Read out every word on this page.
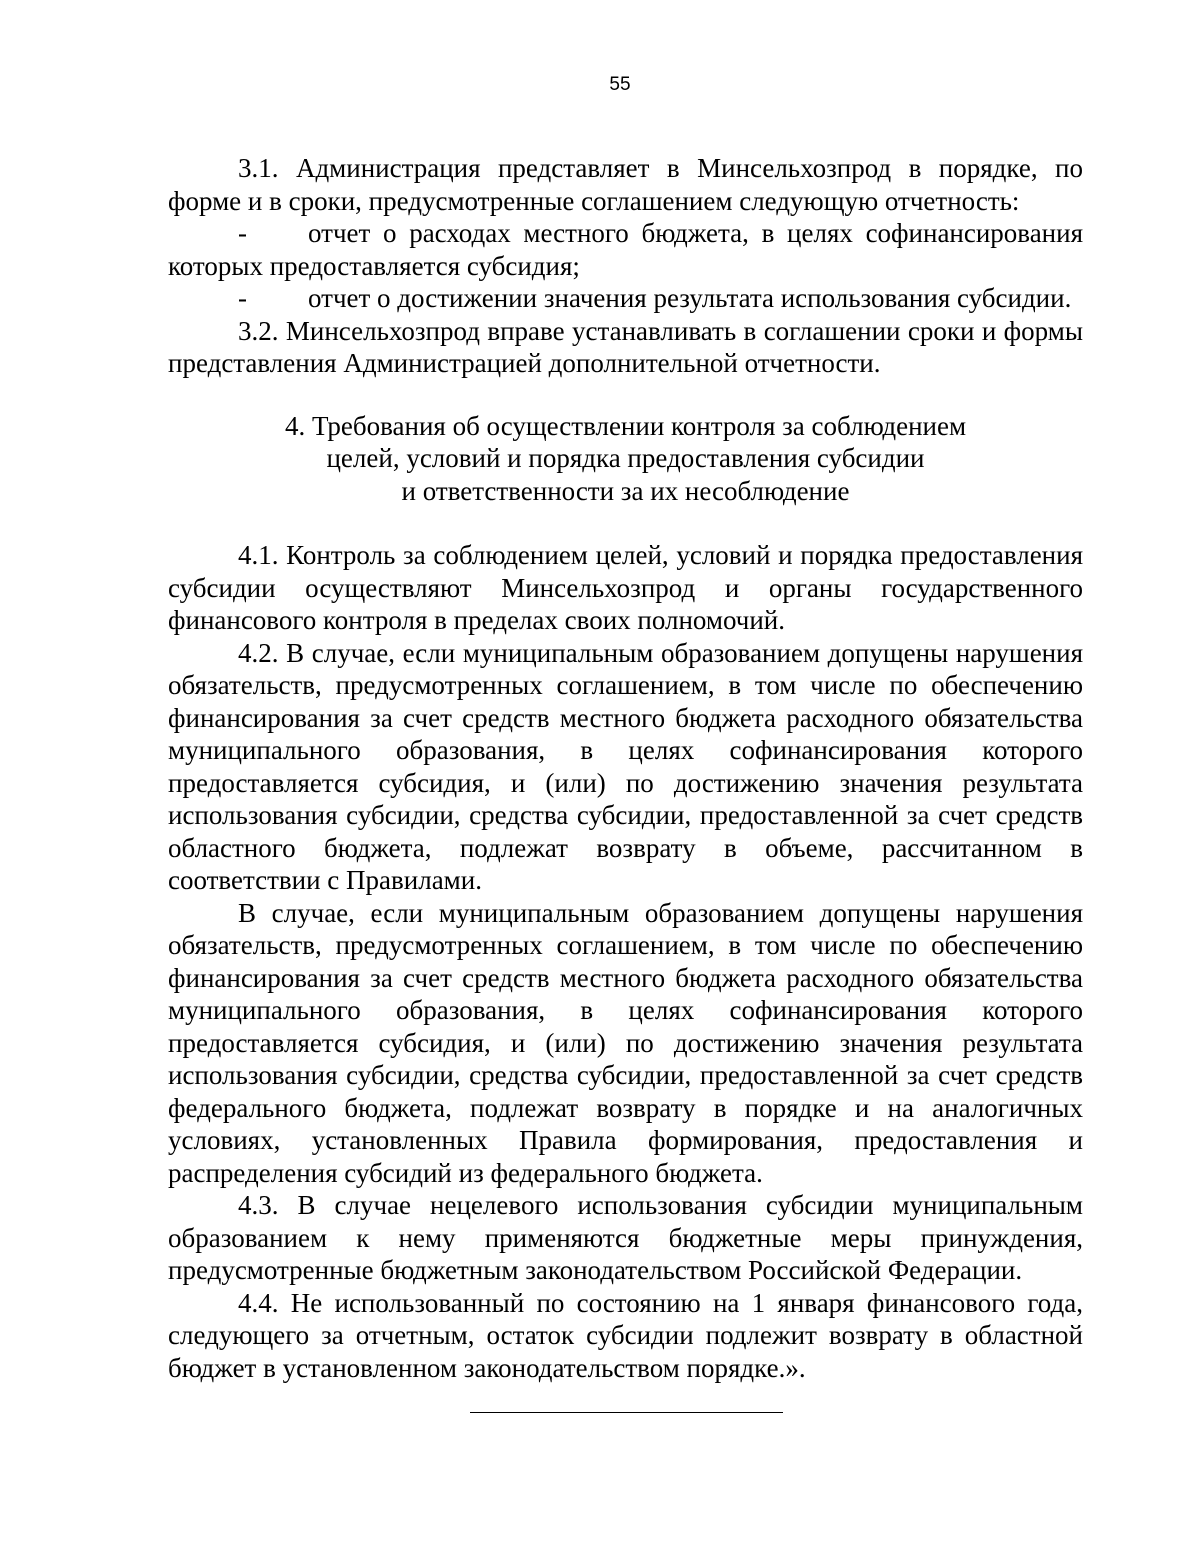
55

3.1. Администрация представляет в Минсельхозпрод в порядке, по форме и в сроки, предусмотренные соглашением следующую отчетность:

- отчет о расходах местного бюджета, в целях софинансирования которых предоставляется субсидия;

- отчет о достижении значения результата использования субсидии.

3.2. Минсельхозпрод вправе устанавливать в соглашении сроки и формы представления Администрацией дополнительной отчетности.

4. Требования об осуществлении контроля за соблюдением
целей, условий и порядка предоставления субсидии
и ответственности за их несоблюдение

4.1. Контроль за соблюдением целей, условий и порядка предоставления субсидии осуществляют Минсельхозпрод и органы государственного финансового контроля в пределах своих полномочий.

4.2. В случае, если муниципальным образованием допущены нарушения обязательств, предусмотренных соглашением, в том числе по обеспечению финансирования за счет средств местного бюджета расходного обязательства муниципального образования, в целях софинансирования которого предоставляется субсидия, и (или) по достижению значения результата использования субсидии, средства субсидии, предоставленной за счет средств областного бюджета, подлежат возврату в объеме, рассчитанном в соответствии с Правилами.

В случае, если муниципальным образованием допущены нарушения обязательств, предусмотренных соглашением, в том числе по обеспечению финансирования за счет средств местного бюджета расходного обязательства муниципального образования, в целях софинансирования которого предоставляется субсидия, и (или) по достижению значения результата использования субсидии, средства субсидии, предоставленной за счет средств федерального бюджета, подлежат возврату в порядке и на аналогичных условиях, установленных Правила формирования, предоставления и распределения субсидий из федерального бюджета.

4.3. В случае нецелевого использования субсидии муниципальным образованием к нему применяются бюджетные меры принуждения, предусмотренные бюджетным законодательством Российской Федерации.

4.4. Не использованный по состоянию на 1 января финансового года, следующего за отчетным, остаток субсидии подлежит возврату в областной бюджет в установленном законодательством порядке.».
